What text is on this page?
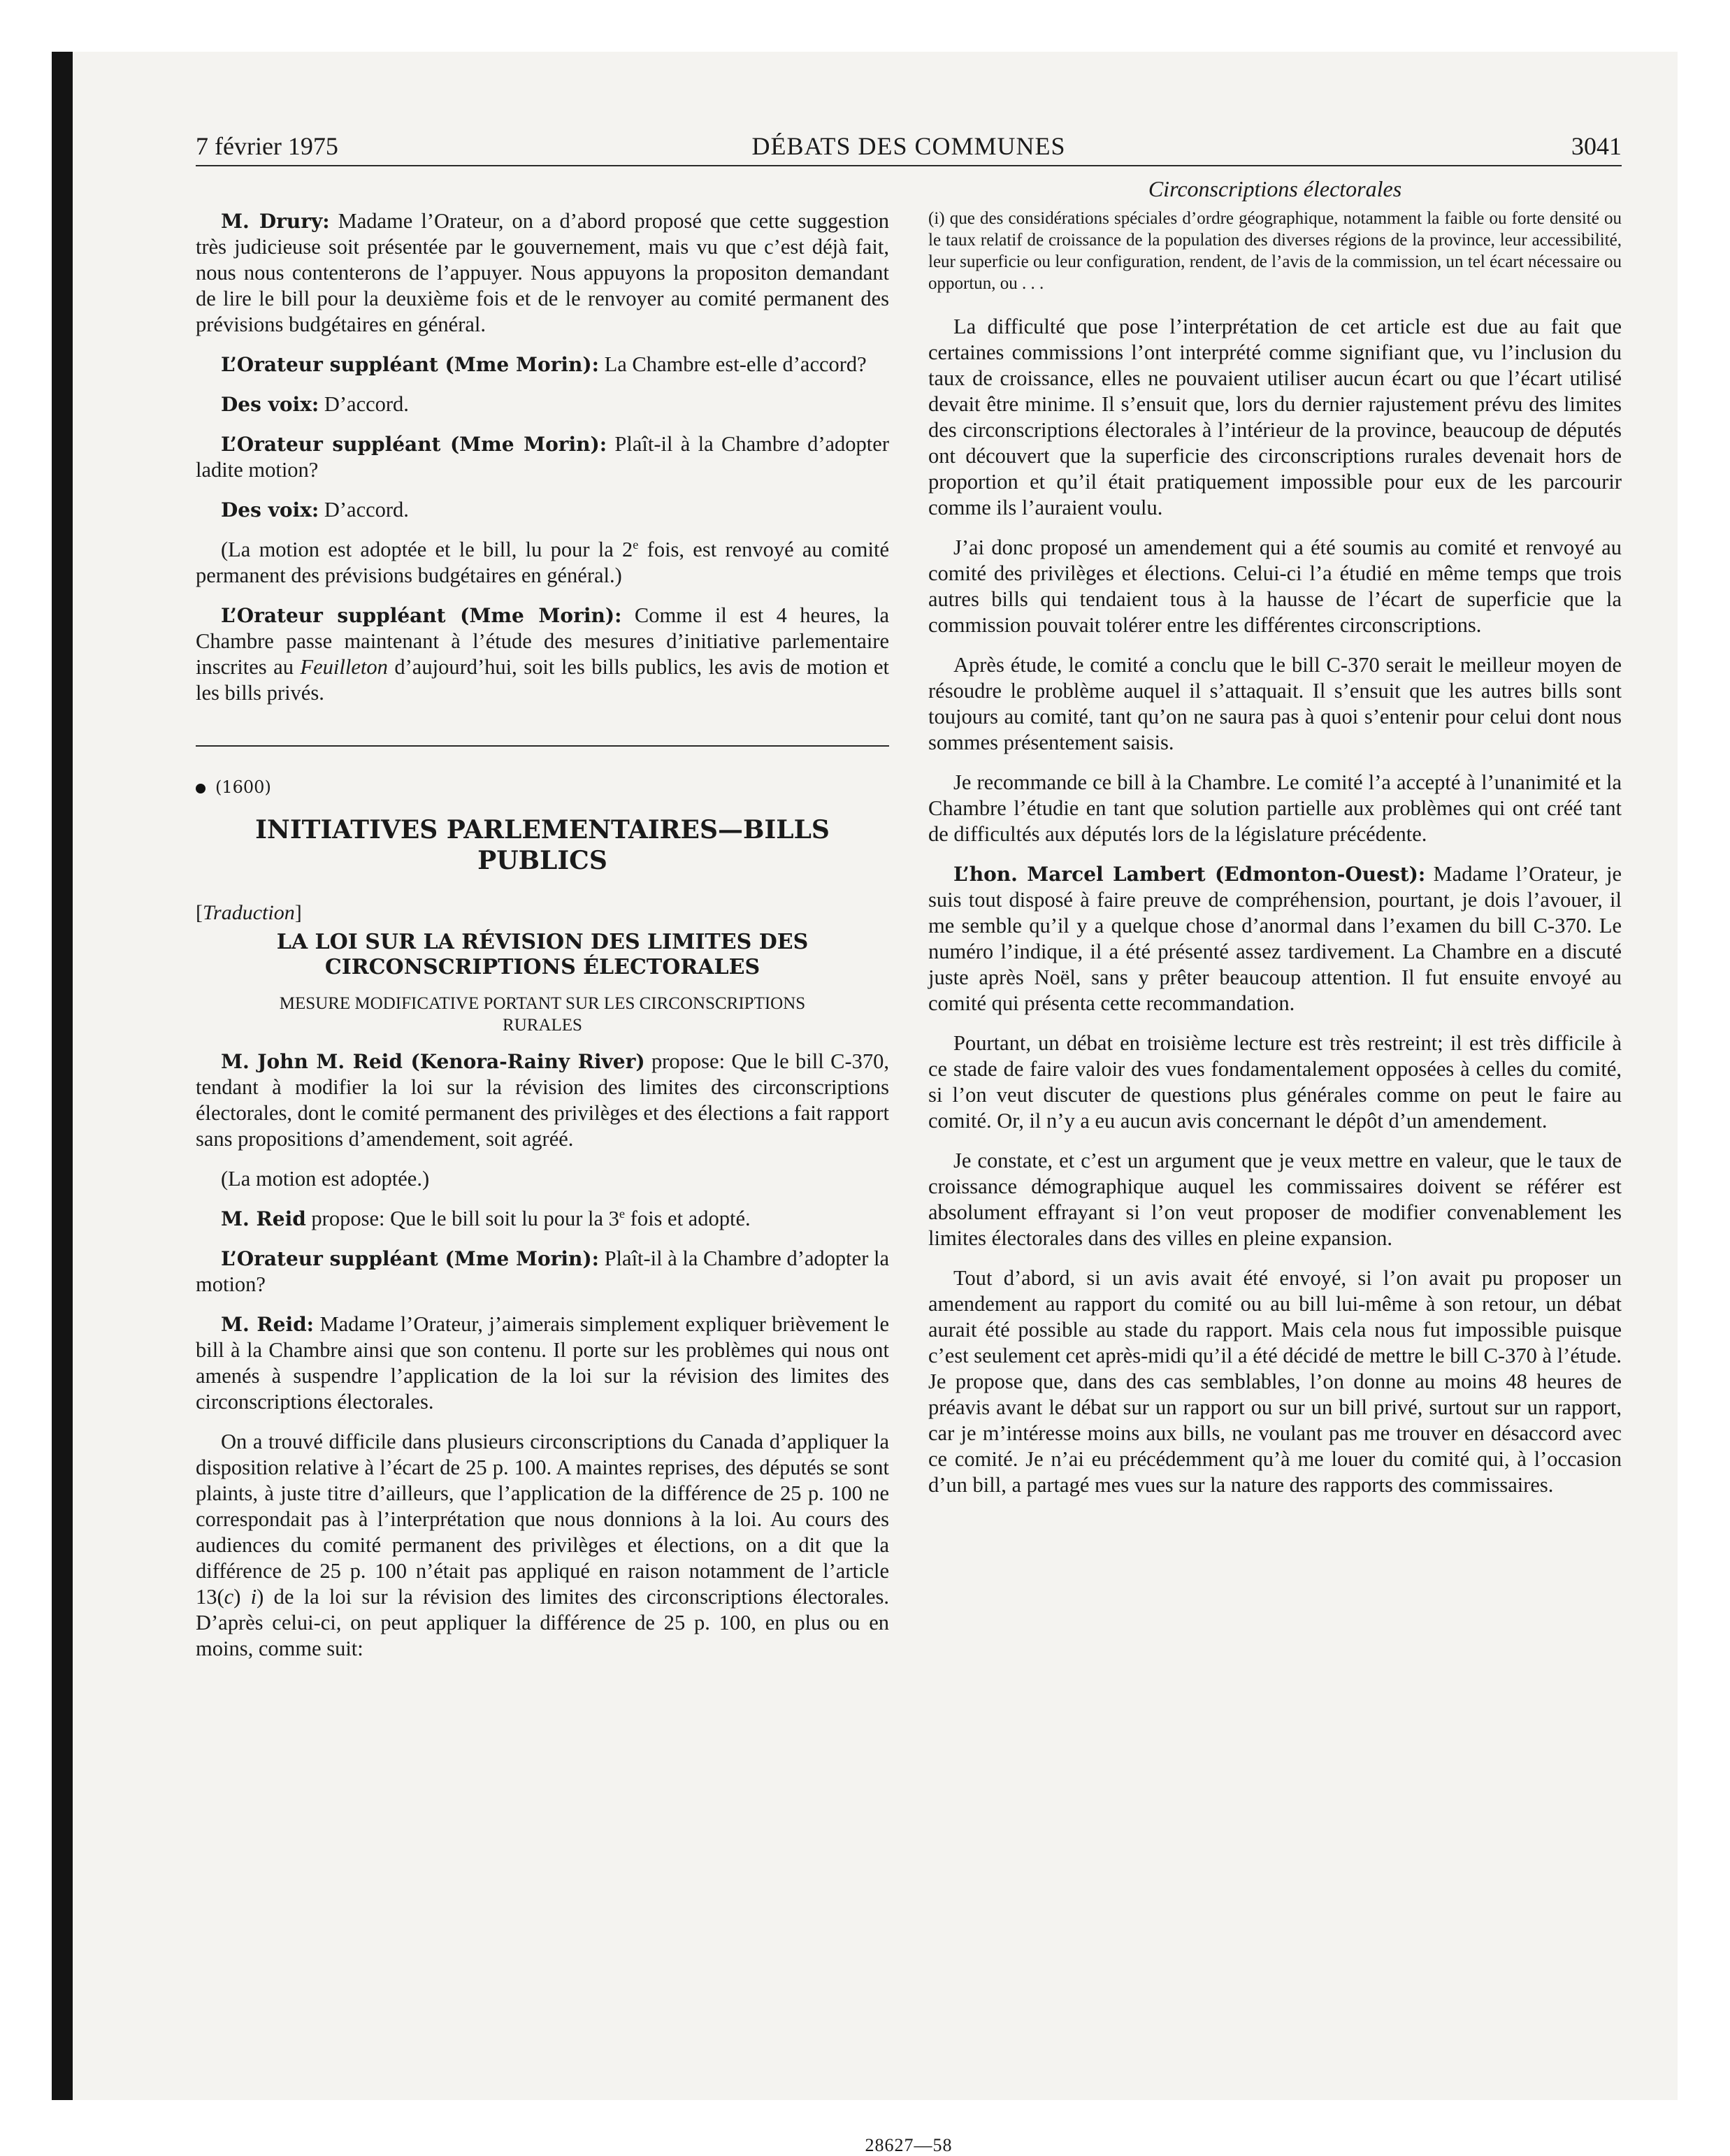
7 février 1975	DÉBATS DES COMMUNES	3041

M. Drury: Madame l’Orateur, on a d’abord proposé que cette suggestion très judicieuse soit présentée par le gouvernement, mais vu que c’est déjà fait, nous nous contenterons de l’appuyer. Nous appuyons la propositon demandant de lire le bill pour la deuxième fois et de le renvoyer au comité permanent des prévisions budgétaires en général.

L’Orateur suppléant (Mme Morin): La Chambre est-elle d’accord?

Des voix: D’accord.

L’Orateur suppléant (Mme Morin): Plaît-il à la Chambre d’adopter ladite motion?

Des voix: D’accord.

(La motion est adoptée et le bill, lu pour la 2e fois, est renvoyé au comité permanent des prévisions budgétaires en général.)

L’Orateur suppléant (Mme Morin): Comme il est 4 heures, la Chambre passe maintenant à l’étude des mesures d’initiative parlementaire inscrites au Feuilleton d’aujourd’hui, soit les bills publics, les avis de motion et les bills privés.

(1600)
INITIATIVES PARLEMENTAIRES—BILLS PUBLICS
[Traduction]
LA LOI SUR LA RÉVISION DES LIMITES DES CIRCONSCRIPTIONS ÉLECTORALES
MESURE MODIFICATIVE PORTANT SUR LES CIRCONSCRIPTIONS RURALES

M. John M. Reid (Kenora-Rainy River) propose: Que le bill C-370, tendant à modifier la loi sur la révision des limites des circonscriptions électorales, dont le comité permanent des privilèges et des élections a fait rapport sans propositions d’amendement, soit agréé.

(La motion est adoptée.)

M. Reid propose: Que le bill soit lu pour la 3e fois et adopté.

L’Orateur suppléant (Mme Morin): Plaît-il à la Chambre d’adopter la motion?

M. Reid: Madame l’Orateur, j’aimerais simplement expliquer brièvement le bill à la Chambre ainsi que son contenu. Il porte sur les problèmes qui nous ont amenés à suspendre l’application de la loi sur la révision des limites des circonscriptions électorales.

On a trouvé difficile dans plusieurs circonscriptions du Canada d’appliquer la disposition relative à l’écart de 25 p. 100. A maintes reprises, des députés se sont plaints, à juste titre d’ailleurs, que l’application de la différence de 25 p. 100 ne correspondait pas à l’interprétation que nous donnions à la loi. Au cours des audiences du comité permanent des privilèges et élections, on a dit que la différence de 25 p. 100 n’était pas appliqué en raison notamment de l’article 13(c) i) de la loi sur la révision des limites des circonscriptions électorales. D’après celui-ci, on peut appliquer la différence de 25 p. 100, en plus ou en moins, comme suit:

Circonscriptions électorales
(i) que des considérations spéciales d’ordre géographique, notamment la faible ou forte densité ou le taux relatif de croissance de la population des diverses régions de la province, leur accessibilité, leur superficie ou leur configuration, rendent, de l’avis de la commission, un tel écart nécessaire ou opportun, ou . . .

La difficulté que pose l’interprétation de cet article est due au fait que certaines commissions l’ont interprété comme signifiant que, vu l’inclusion du taux de croissance, elles ne pouvaient utiliser aucun écart ou que l’écart utilisé devait être minime. Il s’ensuit que, lors du dernier rajustement prévu des limites des circonscriptions électorales à l’intérieur de la province, beaucoup de députés ont découvert que la superficie des circonscriptions rurales devenait hors de proportion et qu’il était pratiquement impossible pour eux de les parcourir comme ils l’auraient voulu.

J’ai donc proposé un amendement qui a été soumis au comité et renvoyé au comité des privilèges et élections. Celui-ci l’a étudié en même temps que trois autres bills qui tendaient tous à la hausse de l’écart de superficie que la commission pouvait tolérer entre les différentes circonscriptions.

Après étude, le comité a conclu que le bill C-370 serait le meilleur moyen de résoudre le problème auquel il s’attaquait. Il s’ensuit que les autres bills sont toujours au comité, tant qu’on ne saura pas à quoi s’entenir pour celui dont nous sommes présentement saisis.

Je recommande ce bill à la Chambre. Le comité l’a accepté à l’unanimité et la Chambre l’étudie en tant que solution partielle aux problèmes qui ont créé tant de difficultés aux députés lors de la législature précédente.

L’hon. Marcel Lambert (Edmonton-Ouest): Madame l’Orateur, je suis tout disposé à faire preuve de compréhension, pourtant, je dois l’avouer, il me semble qu’il y a quelque chose d’anormal dans l’examen du bill C-370. Le numéro l’indique, il a été présenté assez tardivement. La Chambre en a discuté juste après Noël, sans y prêter beaucoup attention. Il fut ensuite envoyé au comité qui présenta cette recommandation.

Pourtant, un débat en troisième lecture est très restreint; il est très difficile à ce stade de faire valoir des vues fondamentalement opposées à celles du comité, si l’on veut discuter de questions plus générales comme on peut le faire au comité. Or, il n’y a eu aucun avis concernant le dépôt d’un amendement.

Je constate, et c’est un argument que je veux mettre en valeur, que le taux de croissance démographique auquel les commissaires doivent se référer est absolument effrayant si l’on veut proposer de modifier convenablement les limites électorales dans des villes en pleine expansion.

Tout d’abord, si un avis avait été envoyé, si l’on avait pu proposer un amendement au rapport du comité ou au bill lui-même à son retour, un débat aurait été possible au stade du rapport. Mais cela nous fut impossible puisque c’est seulement cet après-midi qu’il a été décidé de mettre le bill C-370 à l’étude. Je propose que, dans des cas semblables, l’on donne au moins 48 heures de préavis avant le débat sur un rapport ou sur un bill privé, surtout sur un rapport, car je m’intéresse moins aux bills, ne voulant pas me trouver en désaccord avec ce comité. Je n’ai eu précédemment qu’à me louer du comité qui, à l’occasion d’un bill, a partagé mes vues sur la nature des rapports des commissaires.

28627—58
